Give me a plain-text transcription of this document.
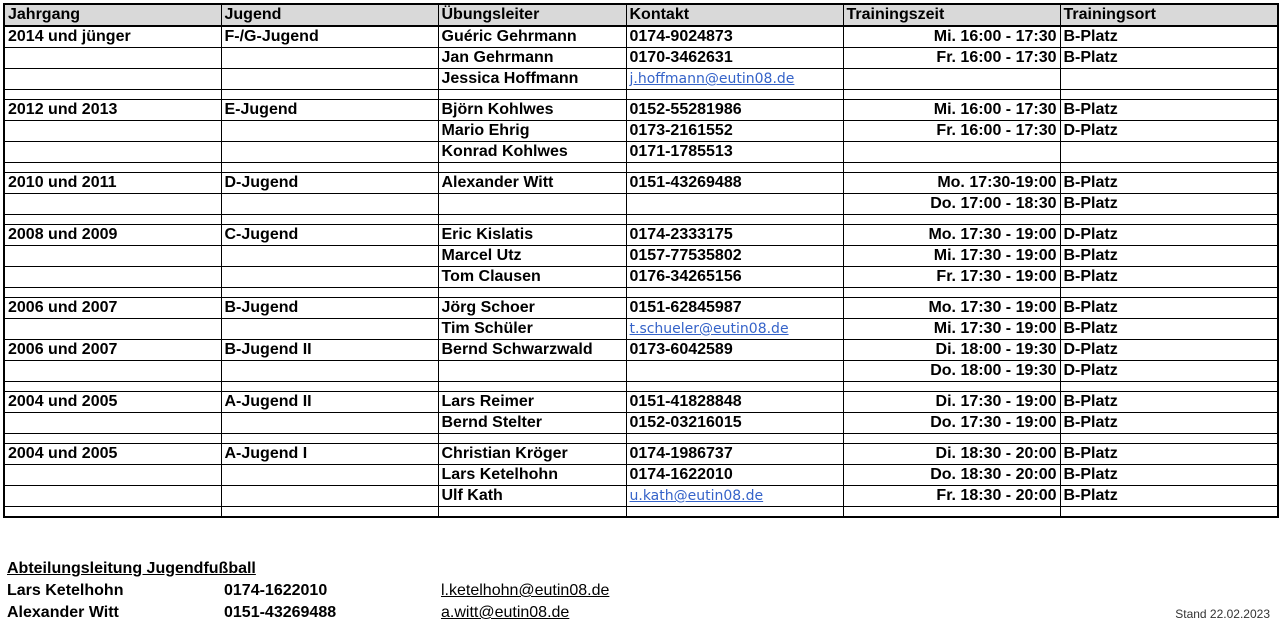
Jahrgang	Jugend	Übungsleiter	Kontakt	Trainingszeit	Trainingsort
2014 und jünger	F-/G-Jugend	Guéric Gehrmann	0174-9024873	Mi. 16:00 - 17:30	B-Platz
		Jan Gehrmann	0170-3462631	Fr. 16:00 - 17:30	B-Platz
		Jessica Hoffmann	j.hoffmann@eutin08.de		

2012 und 2013	E-Jugend	Björn Kohlwes	0152-55281986	Mi. 16:00 - 17:30	B-Platz
		Mario Ehrig	0173-2161552	Fr. 16:00 - 17:30	D-Platz
		Konrad Kohlwes	0171-1785513		

2010 und 2011	D-Jugend	Alexander Witt	0151-43269488	Mo. 17:30-19:00	B-Platz
				Do. 17:00 - 18:30	B-Platz

2008 und 2009	C-Jugend	Eric Kislatis	0174-2333175	Mo. 17:30 - 19:00	D-Platz
		Marcel Utz	0157-77535802	Mi. 17:30 - 19:00	B-Platz
		Tom Clausen	0176-34265156	Fr. 17:30 - 19:00	B-Platz

2006 und 2007	B-Jugend	Jörg Schoer	0151-62845987	Mo. 17:30 - 19:00	B-Platz
		Tim Schüler	t.schueler@eutin08.de	Mi. 17:30 - 19:00	B-Platz
2006 und 2007	B-Jugend II	Bernd Schwarzwald	0173-6042589	Di. 18:00 - 19:30	D-Platz
				Do. 18:00 - 19:30	D-Platz

2004 und 2005	A-Jugend II	Lars Reimer	0151-41828848	Di. 17:30 - 19:00	B-Platz
		Bernd Stelter	0152-03216015	Do. 17:30 - 19:00	B-Platz

2004 und 2005	A-Jugend I	Christian Kröger	0174-1986737	Di. 18:30 - 20:00	B-Platz
		Lars Ketelhohn	0174-1622010	Do. 18:30 - 20:00	B-Platz
		Ulf Kath	u.kath@eutin08.de	Fr. 18:30 - 20:00	B-Platz

Abteilungsleitung Jugendfußball
Lars Ketelhohn	0174-1622010	l.ketelhohn@eutin08.de
Alexander Witt	0151-43269488	a.witt@eutin08.de	Stand 22.02.2023
